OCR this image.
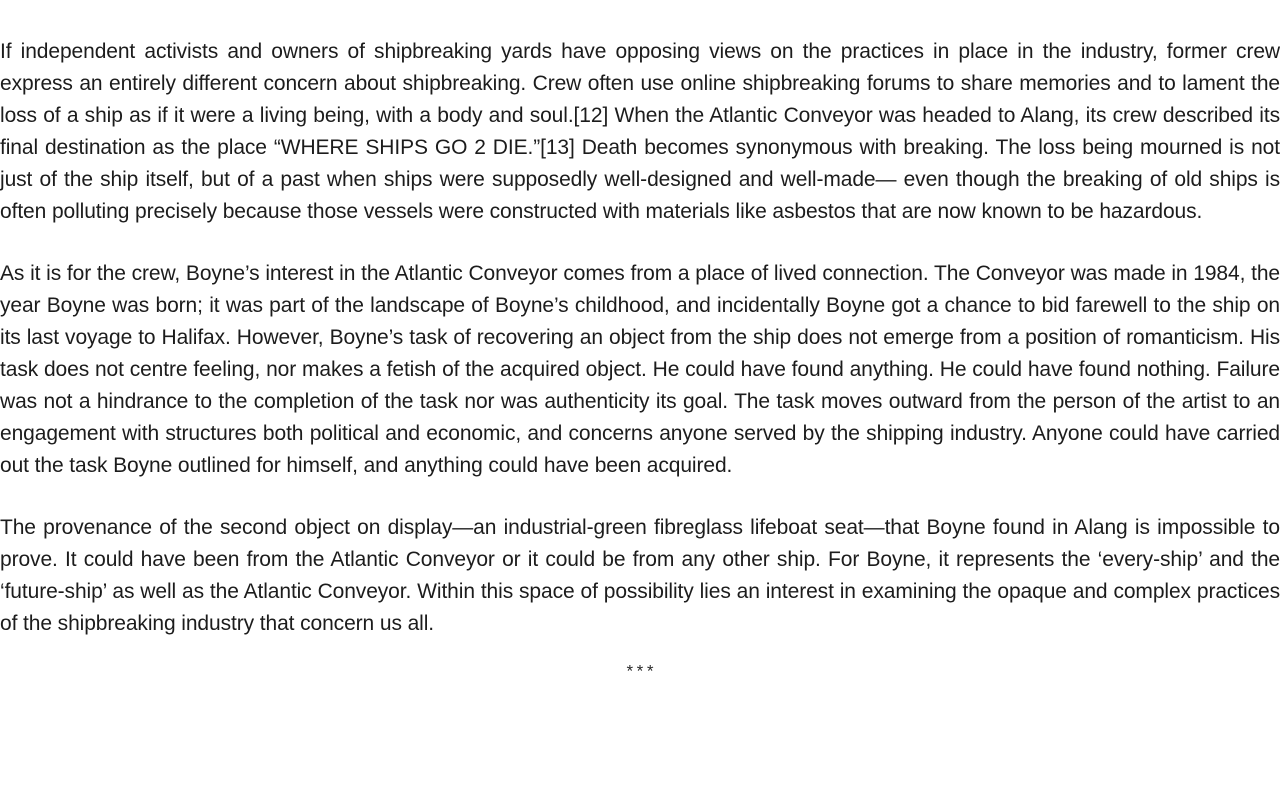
If independent activists and owners of shipbreaking yards have opposing views on the practices in place in the industry, former crew express an entirely different concern about shipbreaking. Crew often use online shipbreaking forums to share memories and to lament the loss of a ship as if it were a living being, with a body and soul.[12] When the Atlantic Conveyor was headed to Alang, its crew described its final destination as the place “WHERE SHIPS GO 2 DIE.”[13] Death becomes synonymous with breaking. The loss being mourned is not just of the ship itself, but of a past when ships were supposedly well-designed and well-made— even though the breaking of old ships is often polluting precisely because those vessels were constructed with materials like asbestos that are now known to be hazardous.

As it is for the crew, Boyne’s interest in the Atlantic Conveyor comes from a place of lived connection. The Conveyor was made in 1984, the year Boyne was born; it was part of the landscape of Boyne’s childhood, and incidentally Boyne got a chance to bid farewell to the ship on its last voyage to Halifax. However, Boyne’s task of recovering an object from the ship does not emerge from a position of romanticism. His task does not centre feeling, nor makes a fetish of the acquired object. He could have found anything. He could have found nothing. Failure was not a hindrance to the completion of the task nor was authenticity its goal. The task moves outward from the person of the artist to an engagement with structures both political and economic, and concerns anyone served by the shipping industry. Anyone could have carried out the task Boyne outlined for himself, and anything could have been acquired.

The provenance of the second object on display—an industrial-green fibreglass lifeboat seat—that Boyne found in Alang is impossible to prove. It could have been from the Atlantic Conveyor or it could be from any other ship. For Boyne, it represents the ‘every-ship’ and the ‘future-ship’ as well as the Atlantic Conveyor. Within this space of possibility lies an interest in examining the opaque and complex practices of the shipbreaking industry that concern us all.

***
